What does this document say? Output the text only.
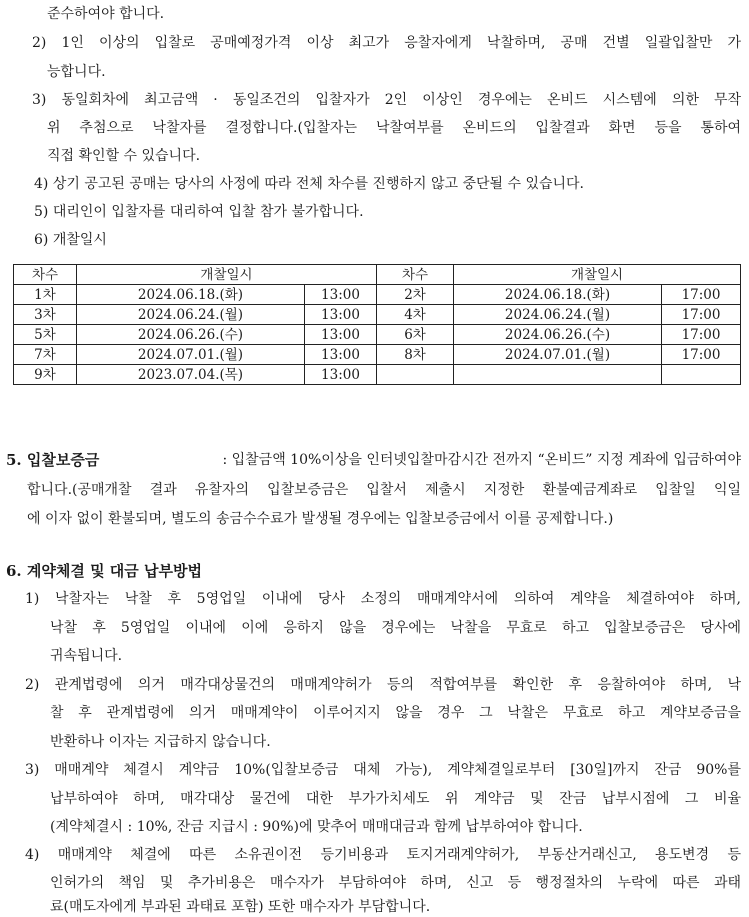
준수하여야 합니다.
2) 1인 이상의 입찰로 공매예정가격 이상 최고가 응찰자에게 낙찰하며, 공매 건별 일괄입찰만 가
능합니다.
3) 동일회차에 최고금액 · 동일조건의 입찰자가 2인 이상인 경우에는 온비드 시스템에 의한 무작
위 추첨으로 낙찰자를 결정합니다.(입찰자는 낙찰여부를 온비드의 입찰결과 화면 등을 통하여
직접 확인할 수 있습니다.
4) 상기 공고된 공매는 당사의 사정에 따라 전체 차수를 진행하지 않고 중단될 수 있습니다.
5) 대리인이 입찰자를 대리하여 입찰 참가 불가합니다.
6) 개찰일시
차수	개찰일시		차수	개찰일시	
1차	2024.06.18.(화)	13:00	2차	2024.06.18.(화)	17:00
3차	2024.06.24.(월)	13:00	4차	2024.06.24.(월)	17:00
5차	2024.06.26.(수)	13:00	6차	2024.06.26.(수)	17:00
7차	2024.07.01.(월)	13:00	8차	2024.07.01.(월)	17:00
9차	2023.07.04.(목)	13:00			
5. 입찰보증금	: 입찰금액 10%이상을 인터넷입찰마감시간 전까지 “온비드” 지정 계좌에 입금하여야
합니다.(공매개찰 결과 유찰자의 입찰보증금은 입찰서 제출시 지정한 환불예금계좌로 입찰일 익일
에 이자 없이 환불되며, 별도의 송금수수료가 발생될 경우에는 입찰보증금에서 이를 공제합니다.)
6. 계약체결 및 대금 납부방법
1) 낙찰자는 낙찰 후 5영업일 이내에 당사 소정의 매매계약서에 의하여 계약을 체결하여야 하며,
낙찰 후 5영업일 이내에 이에 응하지 않을 경우에는 낙찰을 무효로 하고 입찰보증금은 당사에
귀속됩니다.
2) 관계법령에 의거 매각대상물건의 매매계약허가 등의 적합여부를 확인한 후 응찰하여야 하며, 낙
찰 후 관계법령에 의거 매매계약이 이루어지지 않을 경우 그 낙찰은 무효로 하고 계약보증금을
반환하나 이자는 지급하지 않습니다.
3) 매매계약 체결시 계약금 10%(입찰보증금 대체 가능), 계약체결일로부터 [30일]까지 잔금 90%를
납부하여야 하며, 매각대상 물건에 대한 부가가치세도 위 계약금 및 잔금 납부시점에 그 비율
(계약체결시 : 10%, 잔금 지급시 : 90%)에 맞추어 매매대금과 함께 납부하여야 합니다.
4) 매매계약 체결에 따른 소유권이전 등기비용과 토지거래계약허가, 부동산거래신고, 용도변경 등
인허가의 책임 및 추가비용은 매수자가 부담하여야 하며, 신고 등 행정절차의 누락에 따른 과태
료(매도자에게 부과된 과태료 포함) 또한 매수자가 부담합니다.
